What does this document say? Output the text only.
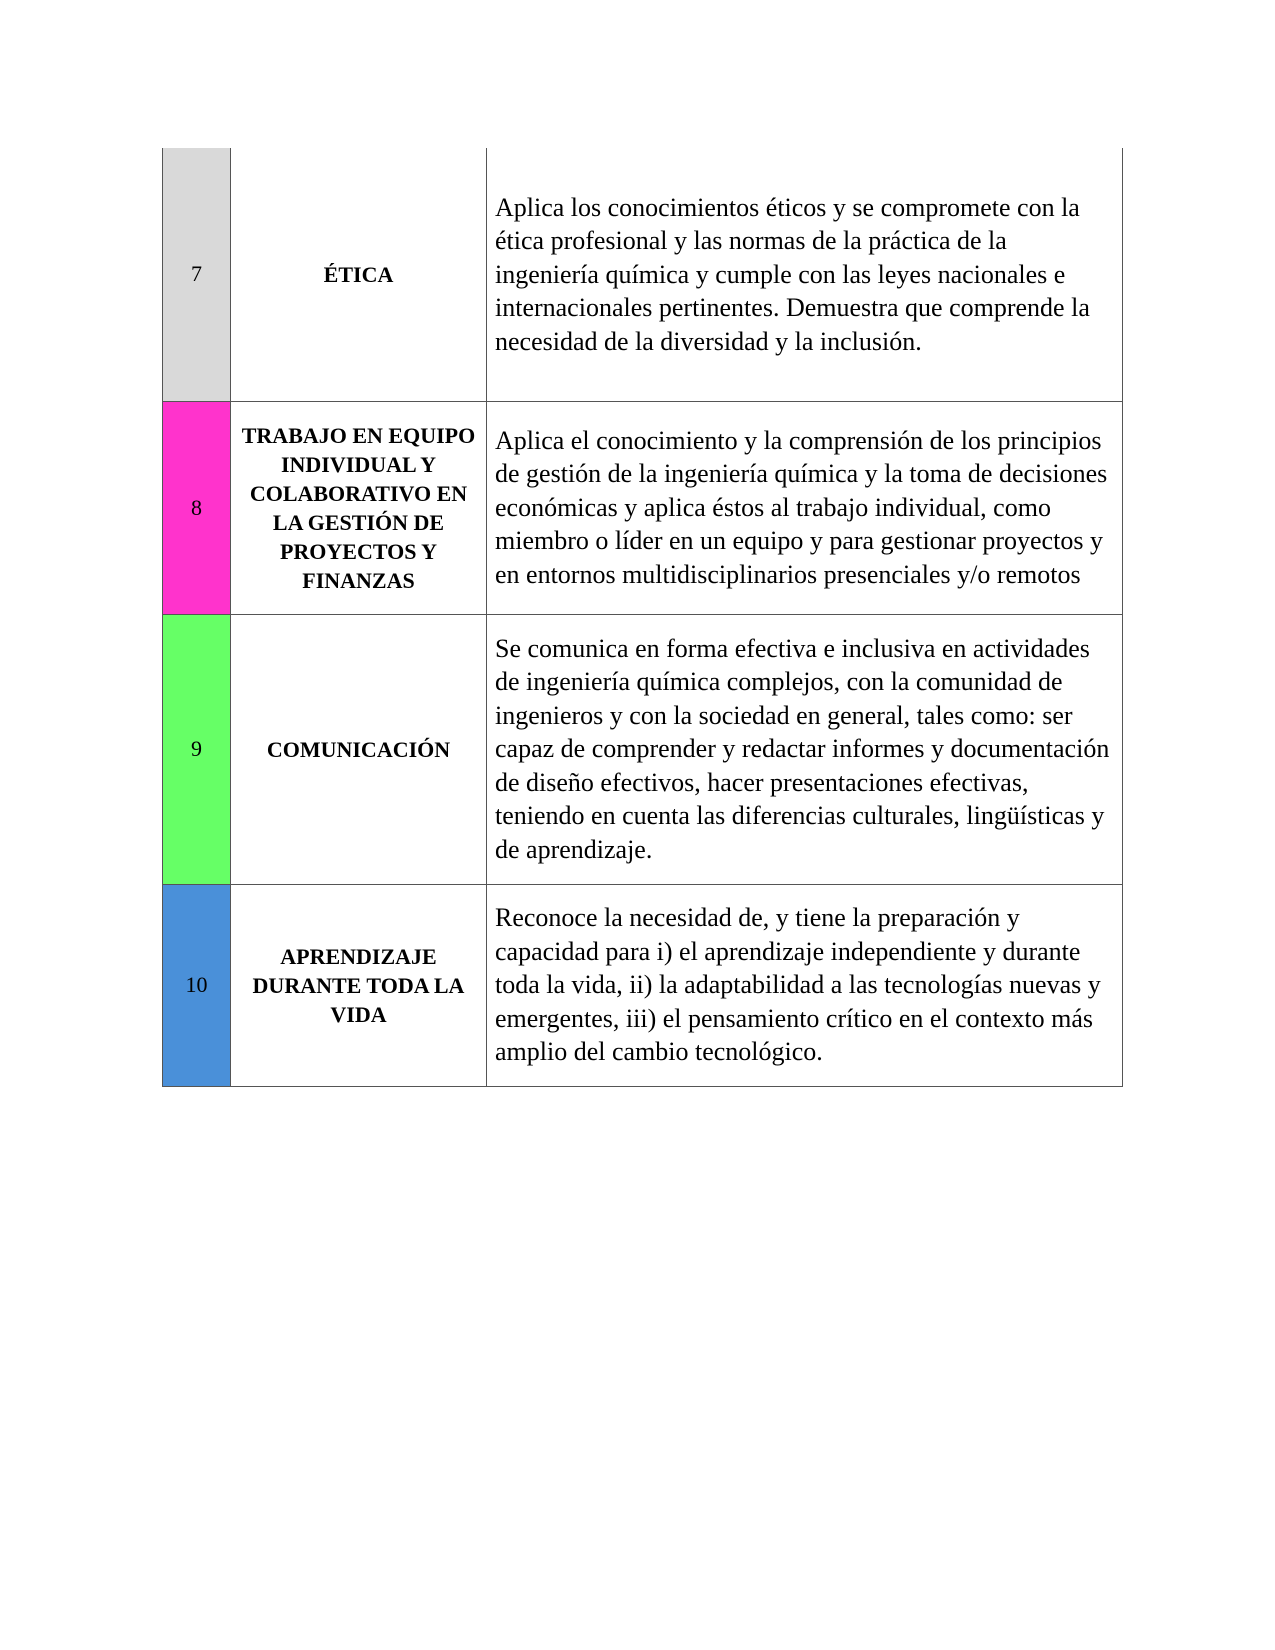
7	ÉTICA	Aplica los conocimientos éticos y se compromete con la ética profesional y las normas de la práctica de la ingeniería química y cumple con las leyes nacionales e internacionales pertinentes. Demuestra que comprende la necesidad de la diversidad y la inclusión.
8	TRABAJO EN EQUIPO INDIVIDUAL Y COLABORATIVO EN LA GESTIÓN DE PROYECTOS Y FINANZAS	Aplica el conocimiento y la comprensión de los principios de gestión de la ingeniería química y la toma de decisiones económicas y aplica éstos al trabajo individual, como miembro o líder en un equipo y para gestionar proyectos y en entornos multidisciplinarios presenciales y/o remotos
9	COMUNICACIÓN	Se comunica en forma efectiva e inclusiva en actividades de ingeniería química complejos, con la comunidad de ingenieros y con la sociedad en general, tales como: ser capaz de comprender y redactar informes y documentación de diseño efectivos, hacer presentaciones efectivas, teniendo en cuenta las diferencias culturales, lingüísticas y de aprendizaje.
10	APRENDIZAJE DURANTE TODA LA VIDA	Reconoce la necesidad de, y tiene la preparación y capacidad para i) el aprendizaje independiente y durante toda la vida, ii) la adaptabilidad a las tecnologías nuevas y emergentes, iii) el pensamiento crítico en el contexto más amplio del cambio tecnológico.
